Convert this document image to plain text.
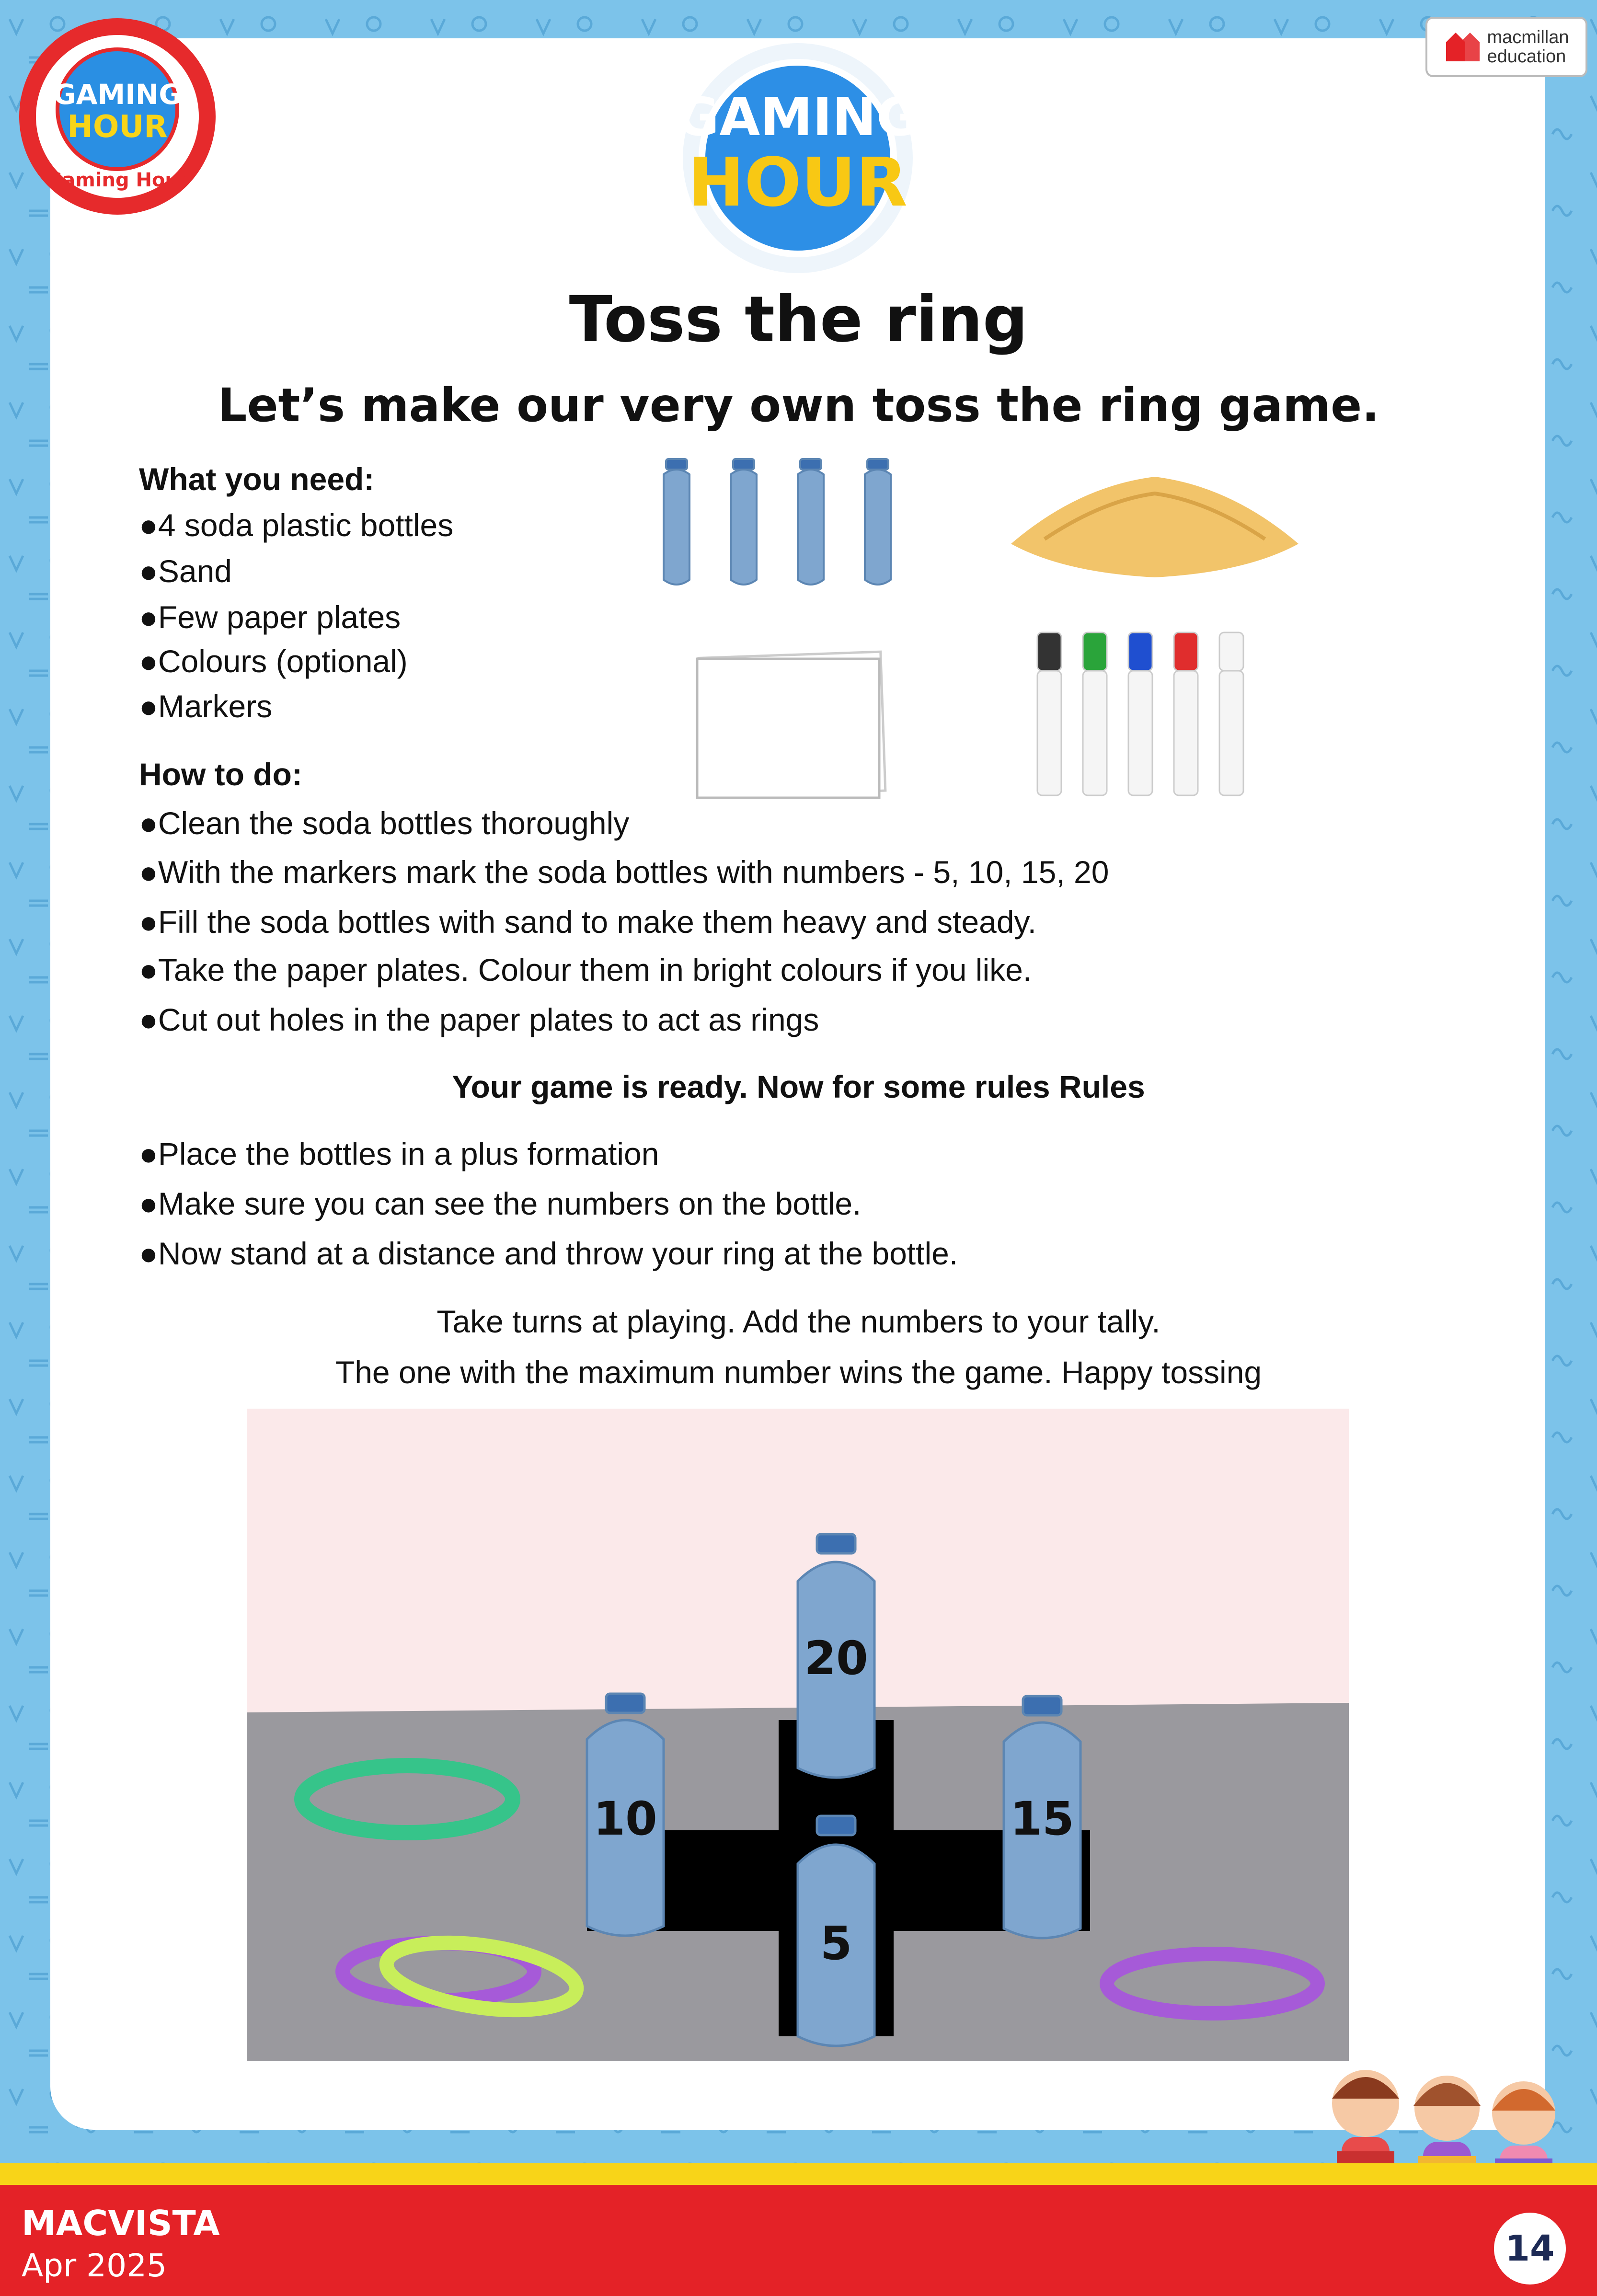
GAMING
HOUR
Gaming Hour
macmillan
education
GAMING
HOUR
Toss the ring
Let’s make our very own toss the ring game.
What you need:
●4 soda plastic bottles
●Sand
●Few paper plates
●Colours (optional)
●Markers
How to do:
●Clean the soda bottles thoroughly
●With the markers mark the soda bottles with numbers - 5, 10, 15, 20
●Fill the soda bottles with sand to make them heavy and steady.
●Take the paper plates. Colour them in bright colours if you like.
●Cut out holes in the paper plates to act as rings
Your game is ready. Now for some rules Rules
●Place the bottles in a plus formation
●Make sure you can see the numbers on the bottle.
●Now stand at a distance and throw your ring at the bottle.
Take turns at playing. Add the numbers to your tally.
The one with the maximum number wins the game. Happy tossing
20
10	15
5
MACVISTA
Apr 2025	14
